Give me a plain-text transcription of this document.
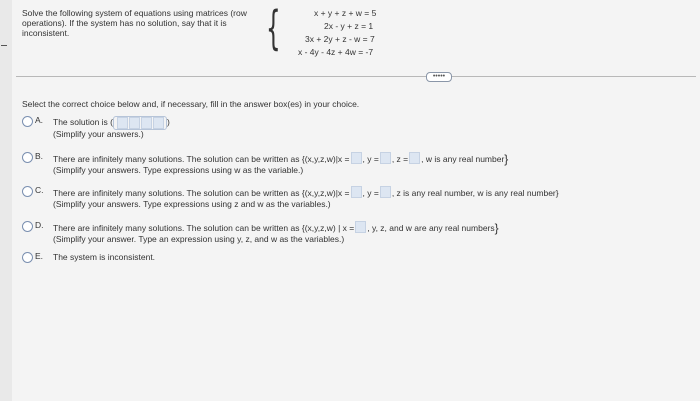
Solve the following system of equations using matrices (row
operations). If the system has no solution, say that it is
inconsistent.	{	x + y + z + w = 5
2x - y + z = 1
3x + 2y + z - w = 7
x - 4y - 4z + 4w = -7
•••••
Select the correct choice below and, if necessary, fill in the answer box(es) in your choice.
A. The solution is (	)
(Simplify your answers.)
B. There are infinitely many solutions. The solution can be written as {(x,y,z,w)|x = , y = , z = , w is any real number}
(Simplify your answers. Type expressions using w as the variable.)
C. There are infinitely many solutions. The solution can be written as {(x,y,z,w)|x = , y = , z is any real number, w is any real number}
(Simplify your answers. Type expressions using z and w as the variables.)
D. There are infinitely many solutions. The solution can be written as {(x,y,z,w) | x = , y, z, and w are any real numbers}
(Simplify your answer. Type an expression using y, z, and w as the variables.)
E. The system is inconsistent.
